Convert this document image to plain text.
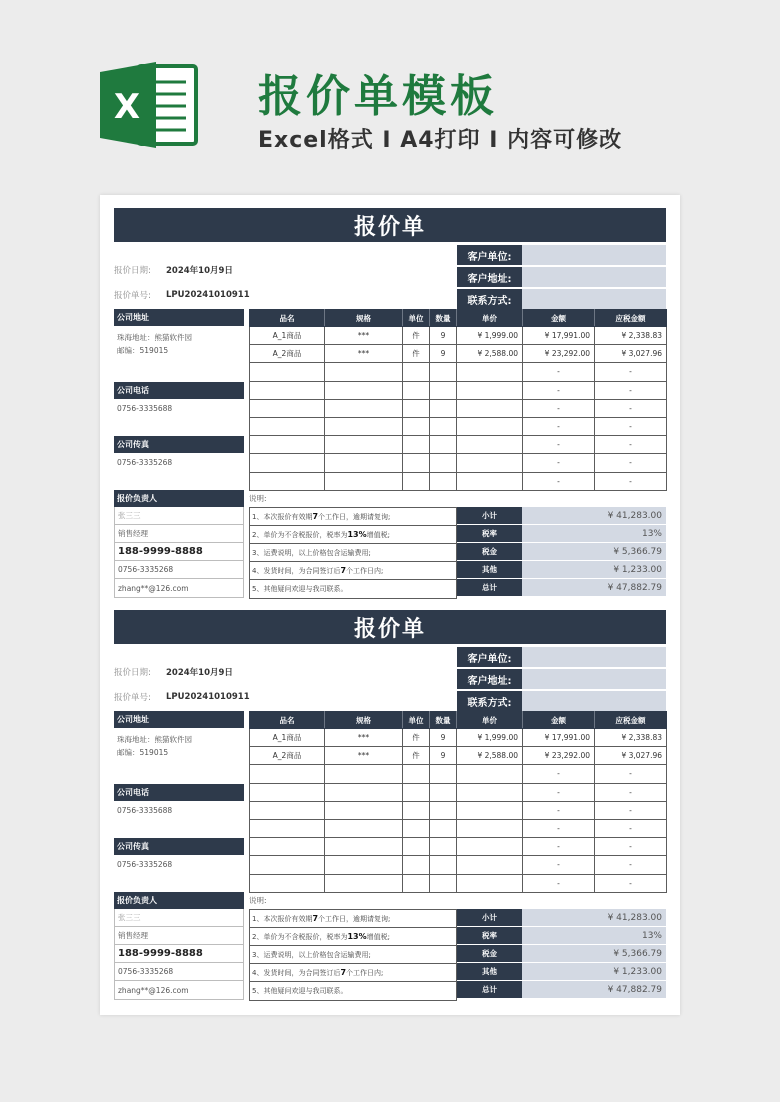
X	报价单模板
Excel格式 I A4打印 I 内容可修改
报价单
客户单位:
客户地址:
联系方式:
报价日期:	2024年10月9日
报价单号:	LPU20241010911
公司地址
珠海地址：熊猫软件园
邮编：519015
公司电话
0756-3335688
公司传真
0756-3335268
报价负责人
张三三
销售经理
188-9999-8888
0756-3335268
zhang**@126.com
品名	规格	单位	数量	单价	金额	应税金额
A_1商品	***	件	9	¥ 1,999.00	¥ 17,991.00	¥ 2,338.83
A_2商品	***	件	9	¥ 2,588.00	¥ 23,292.00	¥ 3,027.96
					-	-
					-	-
					-	-
					-	-
					-	-
					-	-
					-	-
说明:
1、本次报价有效期 7 个工作日，逾期请复询;
2、单价为不含税报价，税率为 13% 增值税;
3、运费说明，以上价格包含运输费用;
4、发货时间，为合同签订后 7 个工作日内;
5、其他疑问欢迎与我司联系。
小计	¥ 41,283.00
税率	13%
税金	¥ 5,366.79
其他	¥ 1,233.00
总计	¥ 47,882.79
报价单
客户单位:
客户地址:
联系方式:
报价日期:	2024年10月9日
报价单号:	LPU20241010911
公司地址
珠海地址：熊猫软件园
邮编：519015
公司电话
0756-3335688
公司传真
0756-3335268
报价负责人
张三三
销售经理
188-9999-8888
0756-3335268
zhang**@126.com
品名	规格	单位	数量	单价	金额	应税金额
A_1商品	***	件	9	¥ 1,999.00	¥ 17,991.00	¥ 2,338.83
A_2商品	***	件	9	¥ 2,588.00	¥ 23,292.00	¥ 3,027.96
					-	-
					-	-
					-	-
					-	-
					-	-
					-	-
					-	-
说明:
1、本次报价有效期 7 个工作日，逾期请复询;
2、单价为不含税报价，税率为 13% 增值税;
3、运费说明，以上价格包含运输费用;
4、发货时间，为合同签订后 7 个工作日内;
5、其他疑问欢迎与我司联系。
小计	¥ 41,283.00
税率	13%
税金	¥ 5,366.79
其他	¥ 1,233.00
总计	¥ 47,882.79
